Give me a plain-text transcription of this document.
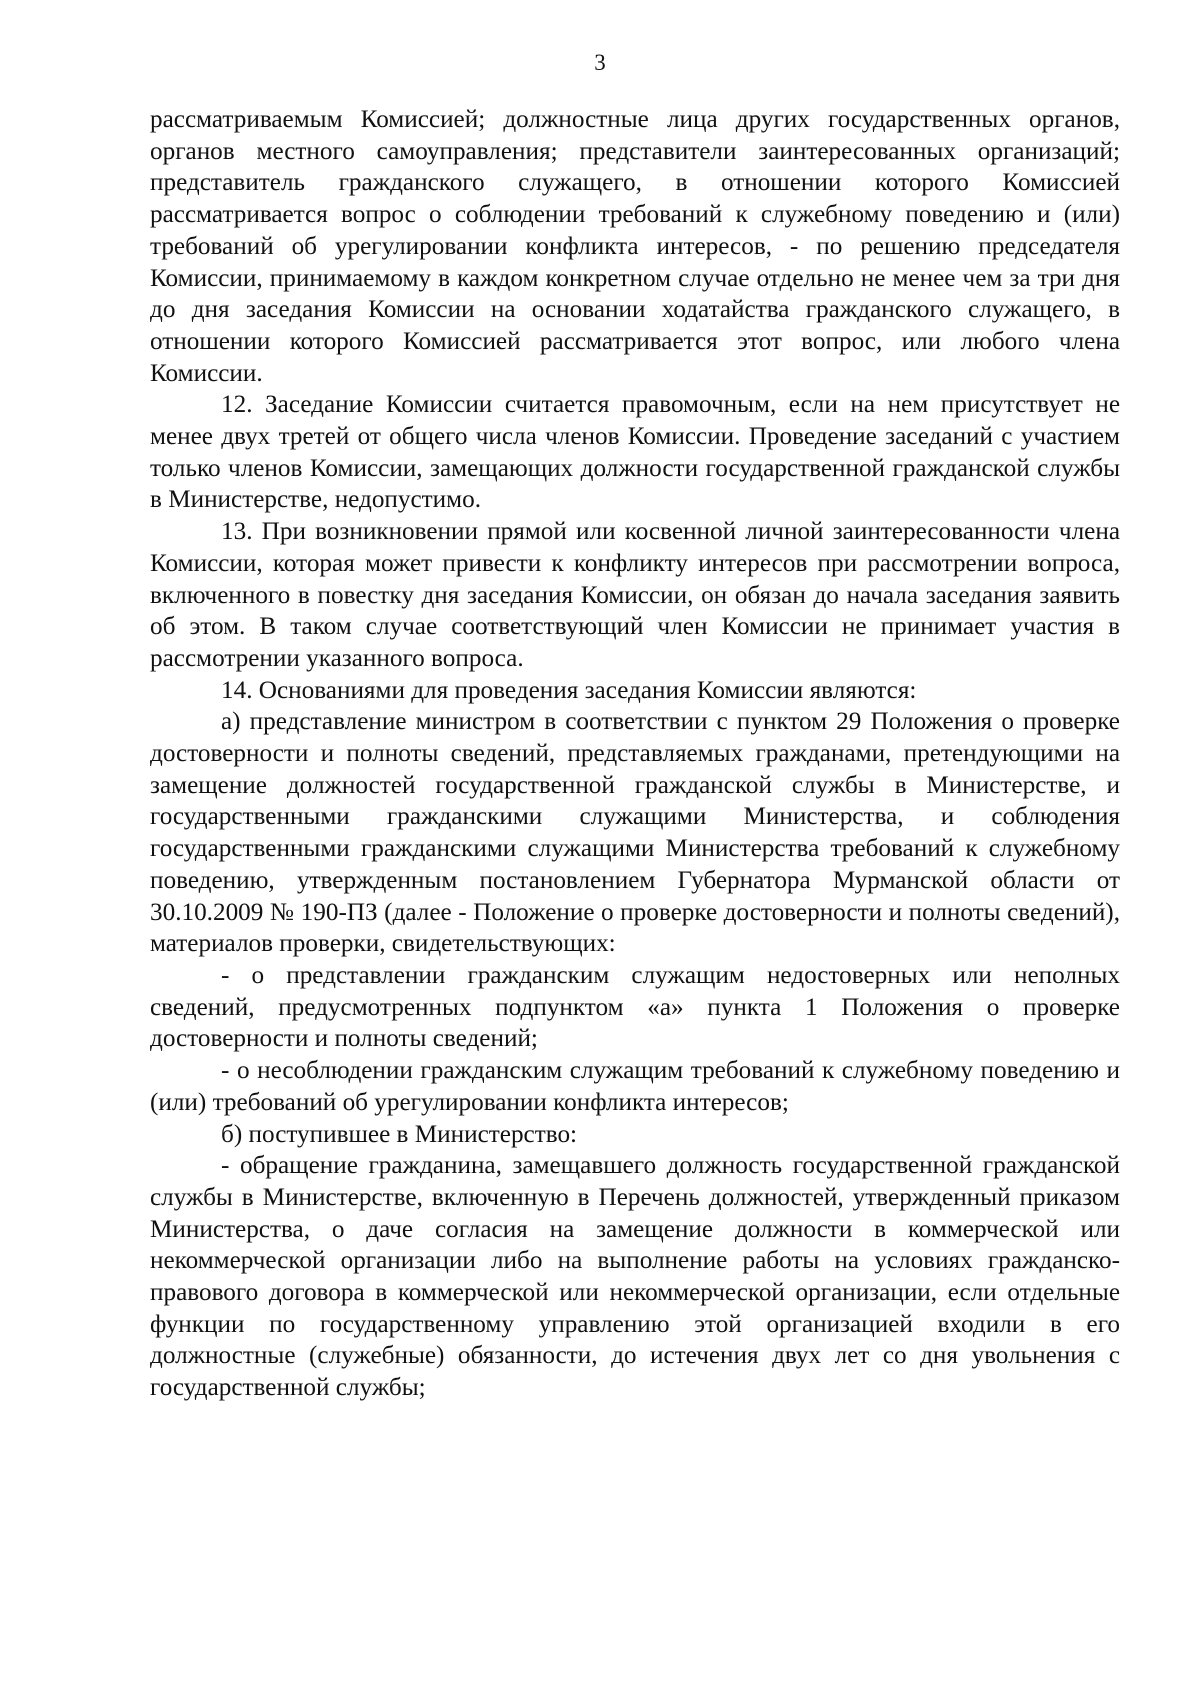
3

рассматриваемым Комиссией; должностные лица других государственных органов, органов местного самоуправления; представители заинтересованных организаций; представитель гражданского служащего, в отношении которого Комиссией рассматривается вопрос о соблюдении требований к служебному поведению и (или) требований об урегулировании конфликта интересов, - по решению председателя Комиссии, принимаемому в каждом конкретном случае отдельно не менее чем за три дня до дня заседания Комиссии на основании ходатайства гражданского служащего, в отношении которого Комиссией рассматривается этот вопрос, или любого члена Комиссии.

12. Заседание Комиссии считается правомочным, если на нем присутствует не менее двух третей от общего числа членов Комиссии. Проведение заседаний с участием только членов Комиссии, замещающих должности государственной гражданской службы в Министерстве, недопустимо.

13. При возникновении прямой или косвенной личной заинтересованности члена Комиссии, которая может привести к конфликту интересов при рассмотрении вопроса, включенного в повестку дня заседания Комиссии, он обязан до начала заседания заявить об этом. В таком случае соответствующий член Комиссии не принимает участия в рассмотрении указанного вопроса.

14. Основаниями для проведения заседания Комиссии являются:

а) представление министром в соответствии с пунктом 29 Положения о проверке достоверности и полноты сведений, представляемых гражданами, претендующими на замещение должностей государственной гражданской службы в Министерстве, и государственными гражданскими служащими Министерства, и соблюдения государственными гражданскими служащими Министерства требований к служебному поведению, утвержденным постановлением Губернатора Мурманской области от 30.10.2009 № 190-ПЗ (далее - Положение о проверке достоверности и полноты сведений), материалов проверки, свидетельствующих:

- о представлении гражданским служащим недостоверных или неполных сведений, предусмотренных подпунктом «а» пункта 1 Положения о проверке достоверности и полноты сведений;

- о несоблюдении гражданским служащим требований к служебному поведению и (или) требований об урегулировании конфликта интересов;

б) поступившее в Министерство:

- обращение гражданина, замещавшего должность государственной гражданской службы в Министерстве, включенную в Перечень должностей, утвержденный приказом Министерства, о даче согласия на замещение должности в коммерческой или некоммерческой организации либо на выполнение работы на условиях гражданско-правового договора в коммерческой или некоммерческой организации, если отдельные функции по государственному управлению этой организацией входили в его должностные (служебные) обязанности, до истечения двух лет со дня увольнения с государственной службы;
